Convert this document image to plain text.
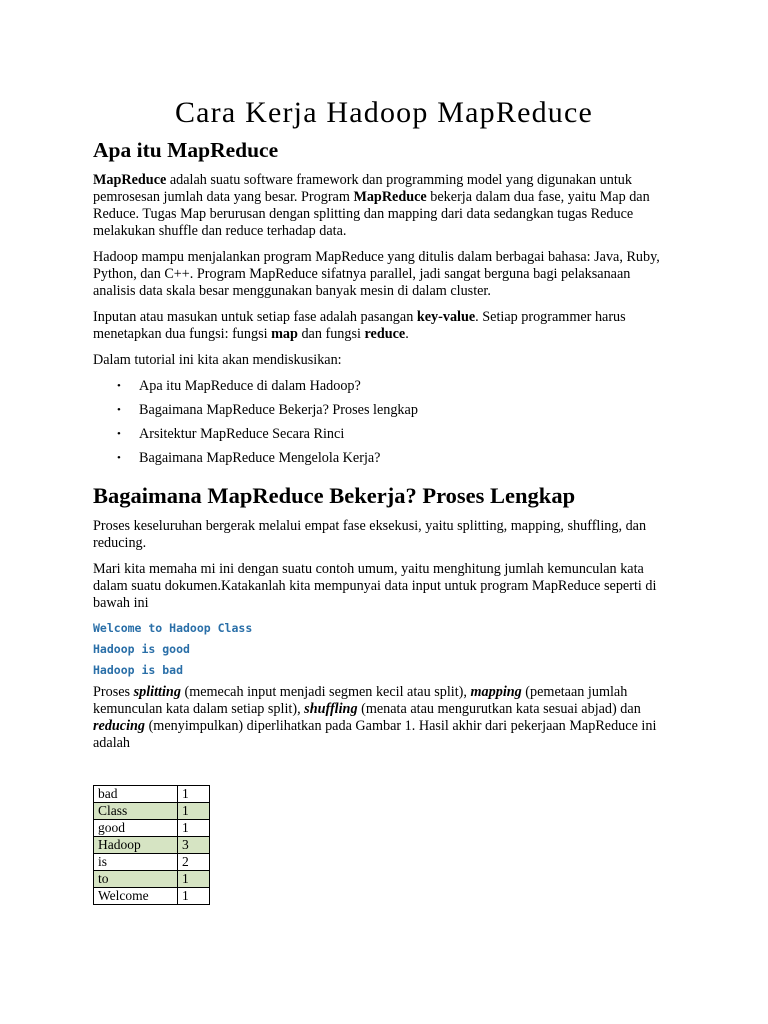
Cara Kerja Hadoop MapReduce
Apa itu MapReduce

MapReduce adalah suatu software framework dan programming model yang digunakan untuk pemrosesan jumlah data yang besar. Program MapReduce bekerja dalam dua fase, yaitu Map dan Reduce. Tugas Map berurusan dengan splitting dan mapping dari data sedangkan tugas Reduce melakukan shuffle dan reduce terhadap data.

Hadoop mampu menjalankan program MapReduce yang ditulis dalam berbagai bahasa: Java, Ruby, Python, dan C++. Program MapReduce sifatnya parallel, jadi sangat berguna bagi pelaksanaan analisis data skala besar menggunakan banyak mesin di dalam cluster.

Inputan atau masukan untuk setiap fase adalah pasangan key-value. Setiap programmer harus menetapkan dua fungsi: fungsi map dan fungsi reduce.

Dalam tutorial ini kita akan mendiskusikan:

• Apa itu MapReduce di dalam Hadoop?
• Bagaimana MapReduce Bekerja? Proses lengkap
• Arsitektur MapReduce Secara Rinci
• Bagaimana MapReduce Mengelola Kerja?
Bagaimana MapReduce Bekerja? Proses Lengkap

Proses keseluruhan bergerak melalui empat fase eksekusi, yaitu splitting, mapping, shuffling, dan reducing.

Mari kita memaha mi ini dengan suatu contoh umum, yaitu menghitung jumlah kemunculan kata dalam suatu dokumen.Katakanlah kita mempunyai data input untuk program MapReduce seperti di bawah ini

Welcome to Hadoop Class
Hadoop is good
Hadoop is bad

Proses splitting (memecah input menjadi segmen kecil atau split), mapping (pemetaan jumlah kemunculan kata dalam setiap split), shuffling (menata atau mengurutkan kata sesuai abjad) dan reducing (menyimpulkan) diperlihatkan pada Gambar 1. Hasil akhir dari pekerjaan MapReduce ini adalah

bad	1
Class	1
good	1
Hadoop	3
is	2
to	1
Welcome	1
